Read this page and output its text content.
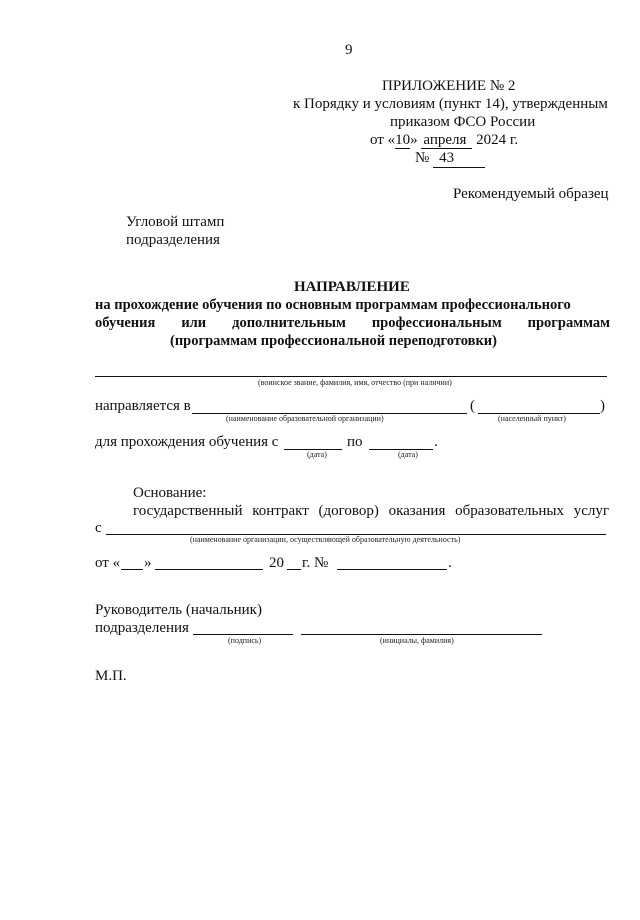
9
ПРИЛОЖЕНИЕ № 2
к Порядку и условиям (пункт 14), утвержденным
приказом ФСО России
от «10» апреля 2024 г.
№ 43
Рекомендуемый образец
Угловой штамп
подразделения
НАПРАВЛЕНИЕ
на прохождение обучения по основным программам профессионального
обучения или дополнительным профессиональным программам
(программам профессиональной переподготовки)
(воинское звание, фамилия, имя, отчество (при наличии)
направляется в	(	)
(наименование образовательной организации)	(населенный пункт)
для прохождения обучения с	по	.
(дата)	(дата)
Основание:
государственный контракт (договор) оказания образовательных услуг
с
(наименование организации, осуществляющей образовательную деятельность)
от « »	20 г. №	.
Руководитель (начальник)
подразделения
(подпись)	(инициалы, фамилия)
М.П.
